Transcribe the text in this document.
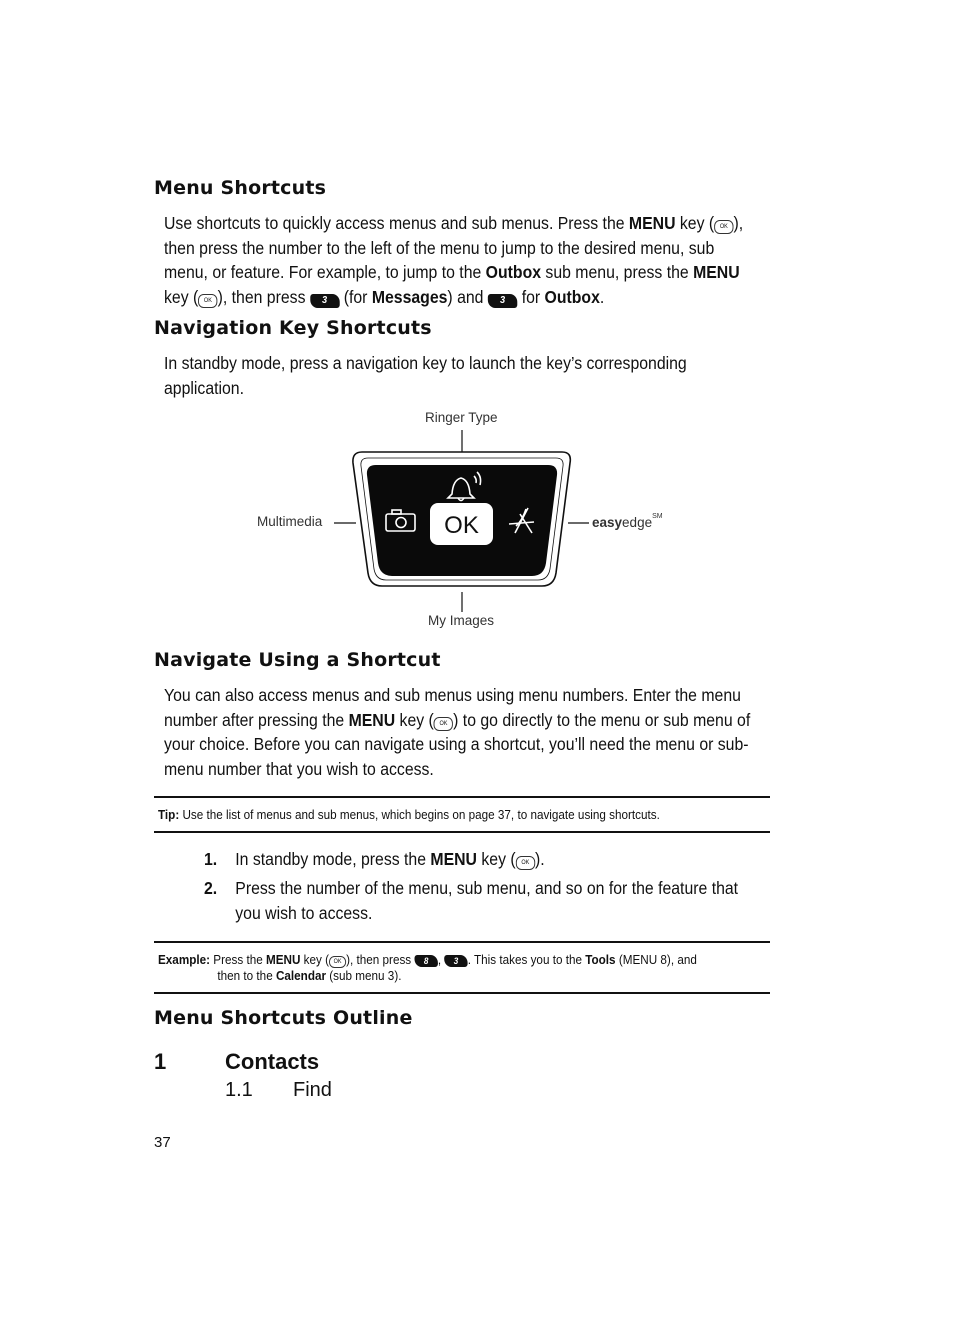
Menu Shortcuts
Use shortcuts to quickly access menus and sub menus. Press the MENU key ( OK ),
then press the number to the left of the menu to jump to the desired menu, sub
menu, or feature. For example, to jump to the Outbox sub menu, press the MENU
key ( OK ), then press 3 (for Messages) and 3 for Outbox.
Navigation Key Shortcuts
In standby mode, press a navigation key to launch the key’s corresponding
application.
OK
Ringer Type
Multimedia	easyedge℠
My Images
Navigate Using a Shortcut
You can also access menus and sub menus using menu numbers. Enter the menu
number after pressing the MENU key ( OK ) to go directly to the menu or sub menu of
your choice. Before you can navigate using a shortcut, you’ll need the menu or sub-
menu number that you wish to access.
Tip: Use the list of menus and sub menus, which begins on page 37, to navigate using shortcuts.
1. In standby mode, press the MENU key ( OK ).
2. Press the number of the menu, sub menu, and so on for the feature that
you wish to access.
Example: Press the MENU key ( OK ), then press 8 , 3 . This takes you to the Tools (MENU 8), and
then to the Calendar (sub menu 3).
Menu Shortcuts Outline
1	Contacts
1.1 Find
37
